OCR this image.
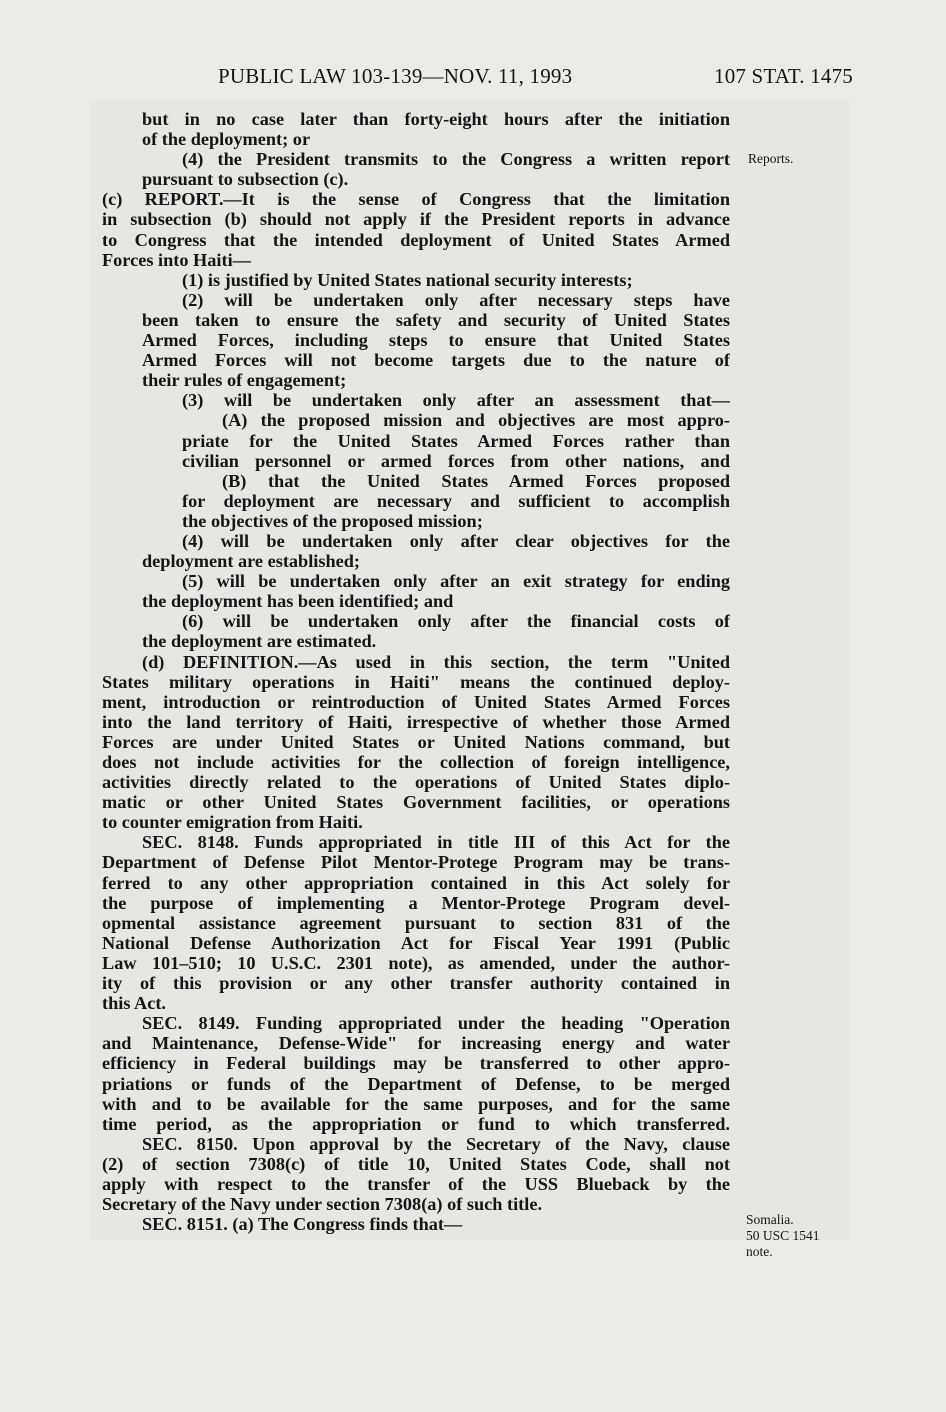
PUBLIC LAW 103-139—NOV. 11, 1993	107 STAT. 1475
Reports.
Somalia.
50 USC 1541
note.
but in no case later than forty-eight hours after the initiation
of the deployment; or
(4) the President transmits to the Congress a written report
pursuant to subsection (c).
(c) REPORT.—It is the sense of Congress that the limitation
in subsection (b) should not apply if the President reports in advance
to Congress that the intended deployment of United States Armed
Forces into Haiti—
(1) is justified by United States national security interests;
(2) will be undertaken only after necessary steps have
been taken to ensure the safety and security of United States
Armed Forces, including steps to ensure that United States
Armed Forces will not become targets due to the nature of
their rules of engagement;
(3) will be undertaken only after an assessment that—
(A) the proposed mission and objectives are most appro-
priate for the United States Armed Forces rather than
civilian personnel or armed forces from other nations, and
(B) that the United States Armed Forces proposed
for deployment are necessary and sufficient to accomplish
the objectives of the proposed mission;
(4) will be undertaken only after clear objectives for the
deployment are established;
(5) will be undertaken only after an exit strategy for ending
the deployment has been identified; and
(6) will be undertaken only after the financial costs of
the deployment are estimated.
(d) DEFINITION.—As used in this section, the term "United
States military operations in Haiti" means the continued deploy-
ment, introduction or reintroduction of United States Armed Forces
into the land territory of Haiti, irrespective of whether those Armed
Forces are under United States or United Nations command, but
does not include activities for the collection of foreign intelligence,
activities directly related to the operations of United States diplo-
matic or other United States Government facilities, or operations
to counter emigration from Haiti.
SEC. 8148. Funds appropriated in title III of this Act for the
Department of Defense Pilot Mentor-Protege Program may be trans-
ferred to any other appropriation contained in this Act solely for
the purpose of implementing a Mentor-Protege Program devel-
opmental assistance agreement pursuant to section 831 of the
National Defense Authorization Act for Fiscal Year 1991 (Public
Law 101–510; 10 U.S.C. 2301 note), as amended, under the author-
ity of this provision or any other transfer authority contained in
this Act.
SEC. 8149. Funding appropriated under the heading "Operation
and Maintenance, Defense-Wide" for increasing energy and water
efficiency in Federal buildings may be transferred to other appro-
priations or funds of the Department of Defense, to be merged
with and to be available for the same purposes, and for the same
time period, as the appropriation or fund to which transferred.
SEC. 8150. Upon approval by the Secretary of the Navy, clause
(2) of section 7308(c) of title 10, United States Code, shall not
apply with respect to the transfer of the USS Blueback by the
Secretary of the Navy under section 7308(a) of such title.
SEC. 8151. (a) The Congress finds that—
